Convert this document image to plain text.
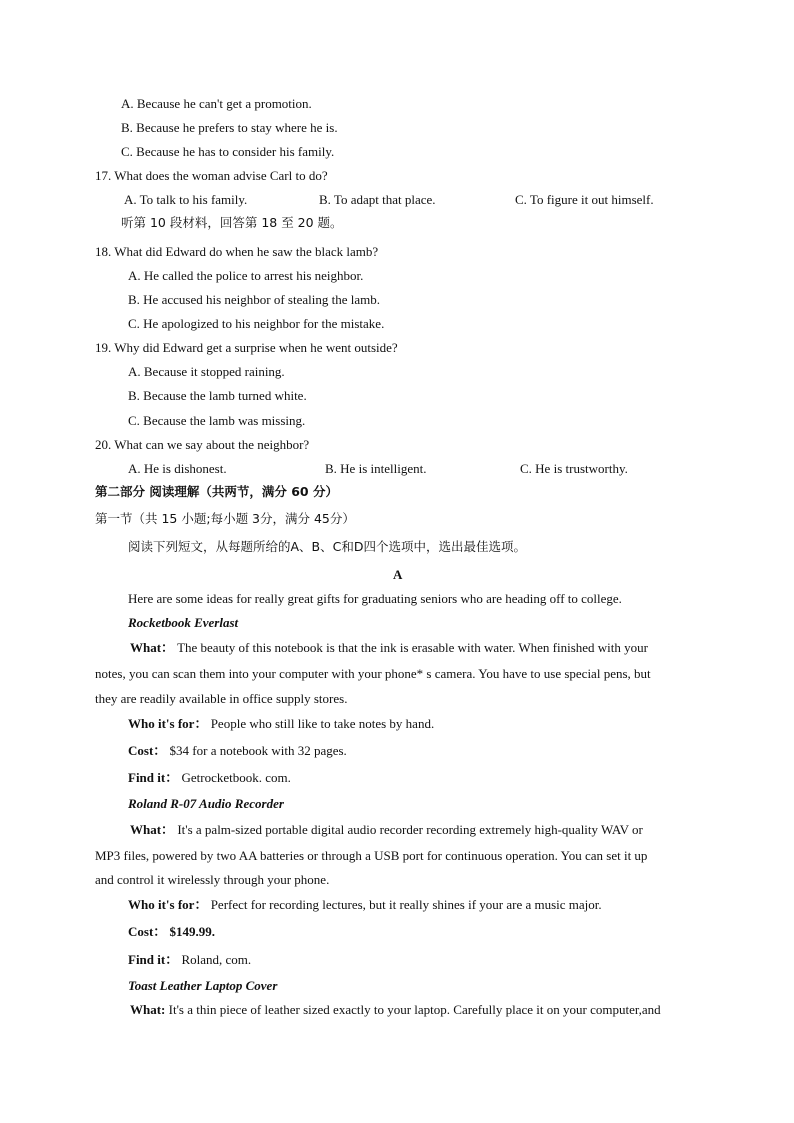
A. Because he can't get a promotion.
B. Because he prefers to stay where he is.
C. Because he has to consider his family.
17. What does the woman advise Carl to do?
A. To talk to his family.	B. To adapt that place.	C. To figure it out himself.
听第 10 段材料，回答第 18 至 20 题。
18. What did Edward do when he saw the black lamb?
A. He called the police to arrest his neighbor.
B. He accused his neighbor of stealing the lamb.
C. He apologized to his neighbor for the mistake.
19. Why did Edward get a surprise when he went outside?
A. Because it stopped raining.
B. Because the lamb turned white.
C. Because the lamb was missing.
20. What can we say about the neighbor?
A. He is dishonest.	B. He is intelligent.	C. He is trustworthy.
第二部分 阅读理解（共两节，满分 60 分）
第一节（共 15 小题;每小题 3分，满分 45分）
阅读下列短文，从每题所给的A、B、C和D四个选项中，选出最佳选项。
A
Here are some ideas for really great gifts for graduating seniors who are heading off to college.
Rocketbook Everlast
What： The beauty of this notebook is that the ink is erasable with water. When finished with your
notes, you can scan them into your computer with your phone* s camera. You have to use special pens, but
they are readily available in office supply stores.
Who it's for： People who still like to take notes by hand.
Cost： $34 for a notebook with 32 pages.
Find it： Getrocketbook. com.
Roland R-07 Audio Recorder
What： It's a palm-sized portable digital audio recorder recording extremely high-quality WAV or
MP3 files, powered by two AA batteries or through a USB port for continuous operation. You can set it up
and control it wirelessly through your phone.
Who it's for： Perfect for recording lectures, but it really shines if your are a music major.
Cost： $149.99.
Find it： Roland, com.
Toast Leather Laptop Cover
What: It's a thin piece of leather sized exactly to your laptop. Carefully place it on your computer,and
